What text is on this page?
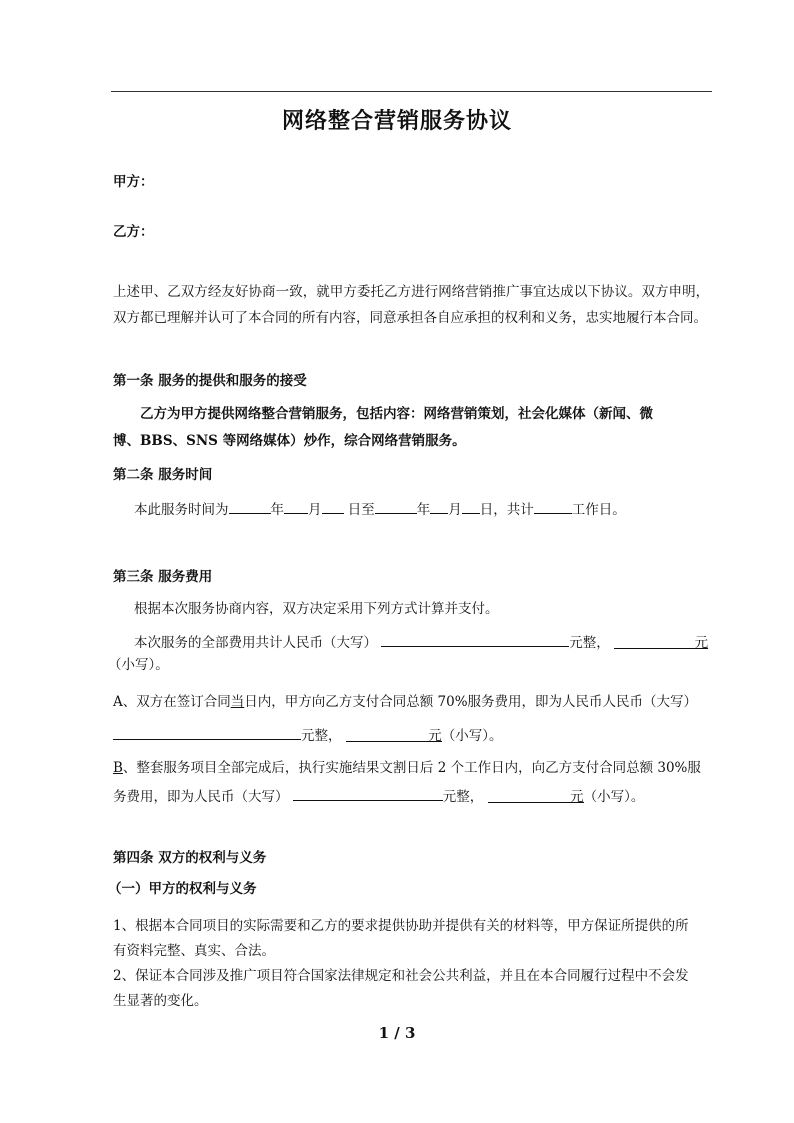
网络整合营销服务协议
甲方：
乙方：
上述甲、乙双方经友好协商一致，就甲方委托乙方进行网络营销推广事宜达成以下协议。双方申明，
双方都已理解并认可了本合同的所有内容，同意承担各自应承担的权利和义务，忠实地履行本合同。
第一条 服务的提供和服务的接受
乙方为甲方提供网络整合营销服务，包括内容：网络营销策划，社会化媒体（新闻、微
博、BBS、SNS 等网络媒体）炒作，综合网络营销服务。
第二条 服务时间
本此服务时间为	年 月 日至	年 月 日，共计	工作日。
第三条 服务费用
根据本次服务协商内容，双方决定采用下列方式计算并支付。
本次服务的全部费用共计人民币（大写）	元整，	元
（小写）。
A、双方在签订合同当日内，甲方向乙方支付合同总额 70%服务费用，即为人民币人民币（大写）
元整，	元（小写）。
B、整套服务项目全部完成后，执行实施结果文割日后 2 个工作日内，向乙方支付合同总额 30%服
务费用，即为人民币（大写）	元整，	元（小写）。
第四条 双方的权利与义务
（一）甲方的权利与义务
1、根据本合同项目的实际需要和乙方的要求提供协助并提供有关的材料等，甲方保证所提供的所
有资料完整、真实、合法。
2、保证本合同涉及推广项目符合国家法律规定和社会公共利益，并且在本合同履行过程中不会发
生显著的变化。
1 / 3
